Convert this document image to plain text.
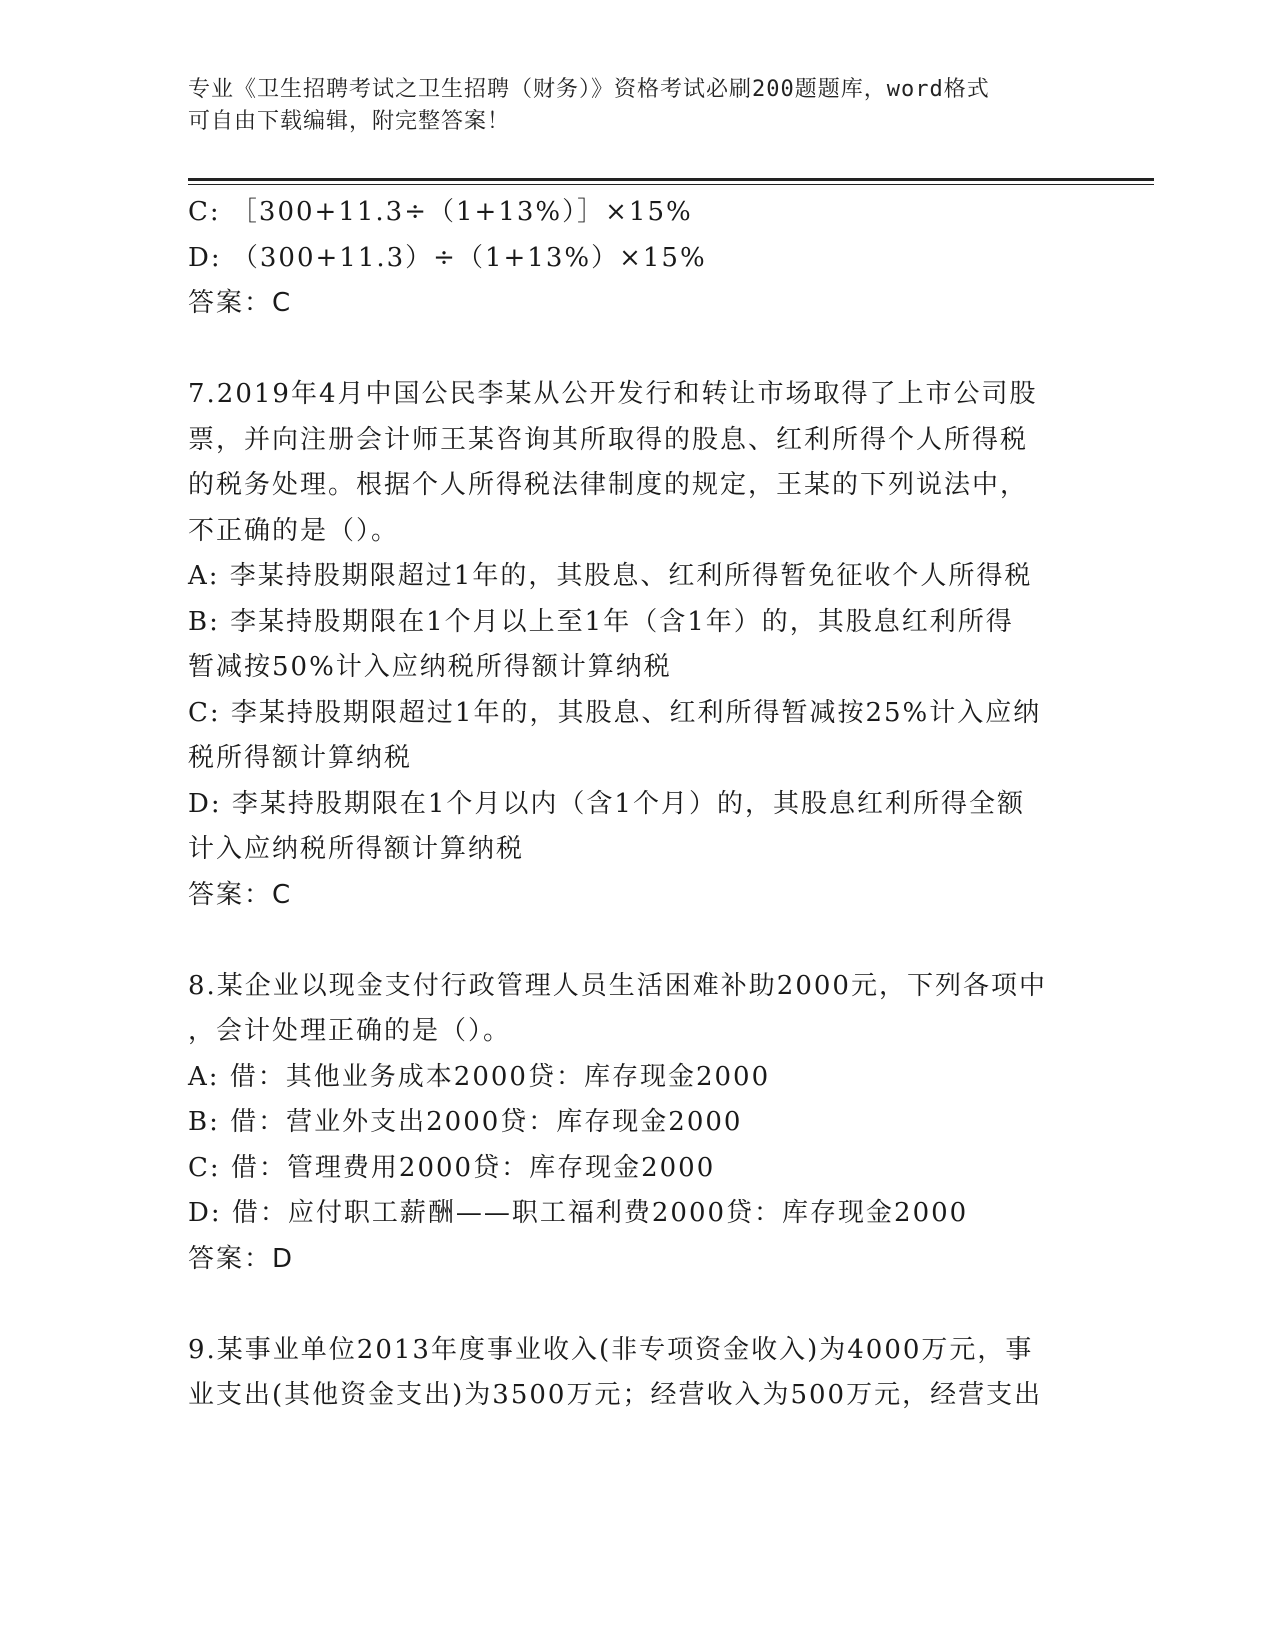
专业《卫生招聘考试之卫生招聘（财务）》资格考试必刷200题题库，word格式
可自由下载编辑，附完整答案！
C: ［300+11.3÷（1+13%）］×15%
D: （300+11.3）÷（1+13%）×15%
答案：C
7.2019年4月中国公民李某从公开发行和转让市场取得了上市公司股
票，并向注册会计师王某咨询其所取得的股息、红利所得个人所得税
的税务处理。根据个人所得税法律制度的规定，王某的下列说法中，
不正确的是（）。
A: 李某持股期限超过1年的，其股息、红利所得暂免征收个人所得税
B: 李某持股期限在1个月以上至1年（含1年）的，其股息红利所得
暂减按50%计入应纳税所得额计算纳税
C: 李某持股期限超过1年的，其股息、红利所得暂减按25%计入应纳
税所得额计算纳税
D: 李某持股期限在1个月以内（含1个月）的，其股息红利所得全额
计入应纳税所得额计算纳税
答案：C
8.某企业以现金支付行政管理人员生活困难补助2000元，下列各项中
，会计处理正确的是（）。
A: 借：其他业务成本2000贷：库存现金2000
B: 借：营业外支出2000贷：库存现金2000
C: 借：管理费用2000贷：库存现金2000
D: 借：应付职工薪酬——职工福利费2000贷：库存现金2000
答案：D
9.某事业单位2013年度事业收入(非专项资金收入)为4000万元，事
业支出(其他资金支出)为3500万元；经营收入为500万元，经营支出
